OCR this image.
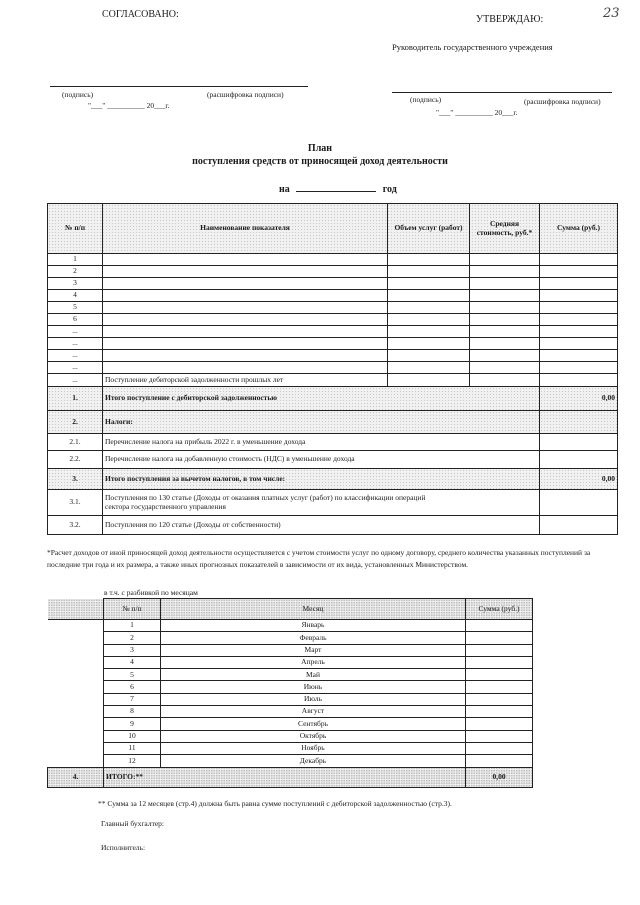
СОГЛАСОВАНО:	УТВЕРЖДАЮ:	23
Руководитель государственного учреждения
(подпись)	(расшифровка подписи)
"___" __________ 20___г.
(подпись)	(расшифровка подписи)
"___" __________ 20___г.
План
поступления средств от приносящей доход деятельности
на	год
№ п/п	Наименование показателя	Объем услуг (работ)	Средняя стоимость, руб.*	Сумма (руб.)
1				
2				
3				
4				
5				
6				
...				
...				
...				
...				
...	Поступление дебиторской задолженности прошлых лет			
1.	Итого поступление с дебиторской задолженностью			0,00
2.	Налоги:			
2.1.	Перечисление налога на прибыль 2022 г. в уменьшение дохода			
2.2.	Перечисление налога на добавленную стоимость (НДС) в уменьшение дохода			
3.	Итого поступления за вычетом налогов, в том числе:			0,00
3.1.	Поступления по 130 статье (Доходы от оказания платных услуг (работ) по классификации операций сектора государственного управления			
3.2.	Поступления по 120 статье (Доходы от собственности)			
*Расчет доходов от иной приносящей доход деятельности осуществляется с учетом стоимости услуг по одному договору, среднего количества указанных поступлений за последние три года и их размера, а также иных прогнозных показателей в зависимости от их вида, установленных Министерством.
в т.ч. с разбивкой по месяцам
	№ п/п	Месяц	Сумма (руб.)
	1	Январь	
	2	Февраль	
	3	Март	
	4	Апрель	
	5	Май	
	6	Июнь	
	7	Июль	
	8	Август	
	9	Сентябрь	
	10	Октябрь	
	11	Ноябрь	
	12	Декабрь	
4.	ИТОГО:**		0,00
** Сумма за 12 месяцев (стр.4) должна быть равна сумме поступлений с дебиторской задолженностью (стр.3).
Главный бухгалтер:
Исполнитель:
